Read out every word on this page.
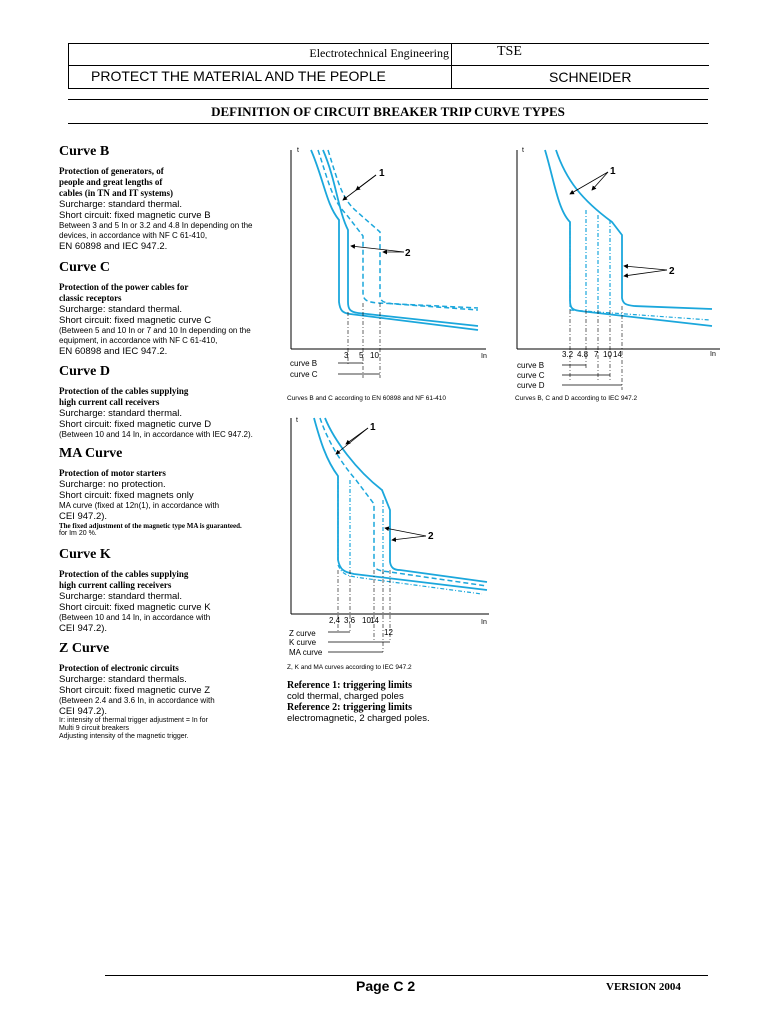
Electrotechnical Engineering	TSE
PROTECT THE MATERIAL AND THE PEOPLE	SCHNEIDER
DEFINITION OF CIRCUIT BREAKER TRIP CURVE TYPES

Curve B

Protection of generators, of

people and great lengths of

cables (in TN and IT systems)

Surcharge: standard thermal.

Short circuit: fixed magnetic curve B

Between 3 and 5 In or 3.2 and 4.8 In depending on the

devices, in accordance with NF C 61-410,

EN 60898 and IEC 947.2.

Curve C

Protection of the power cables for

classic receptors

Surcharge: standard thermal.

Short circuit: fixed magnetic curve C

(Between 5 and 10 In or 7 and 10 In depending on the

equipment, in accordance with NF C 61-410,

EN 60898 and IEC 947.2.

Curve D

Protection of the cables supplying

high current call receivers

Surcharge: standard thermal.

Short circuit: fixed magnetic curve D

(Between 10 and 14 In, in accordance with IEC 947.2).

MA Curve

Protection of motor starters

Surcharge: no protection.

Short circuit: fixed magnets only

MA curve (fixed at 12n(1), in accordance with

CEI 947.2).

The fixed adjustment of the magnetic type MA is guaranteed.

for Im 20 %.

Curve K

Protection of the cables supplying

high current calling receivers

Surcharge: standard thermal.

Short circuit: fixed magnetic curve K

(Between 10 and 14 In, in accordance with

CEI 947.2).

Z Curve

Protection of electronic circuits

Surcharge: standard thermals.

Short circuit: fixed magnetic curve Z

(Between 2.4 and 3.6 In, in accordance with

CEI 947.2).

Ir: intensity of thermal trigger adjustment = In for

Multi 9 circuit breakers

Adjusting intensity of the magnetic trigger.

t
In
1
2
3 5 10
curve B
curve C
Curves B and C according to EN 60898 and NF 61-410
t
In
1
2
3.2 4.8 7 10 14
curve B
curve C
curve D
Curves B, C and D according to IEC 947.2
t
In
1
2
2,4 3,6 10 14
12
Z curve
K curve
MA curve
Z, K and MA curves according to IEC 947.2
Reference 1: triggering limits
cold thermal, charged poles
Reference 2: triggering limits
electromagnetic, 2 charged poles.
Page C 2	VERSION 2004
